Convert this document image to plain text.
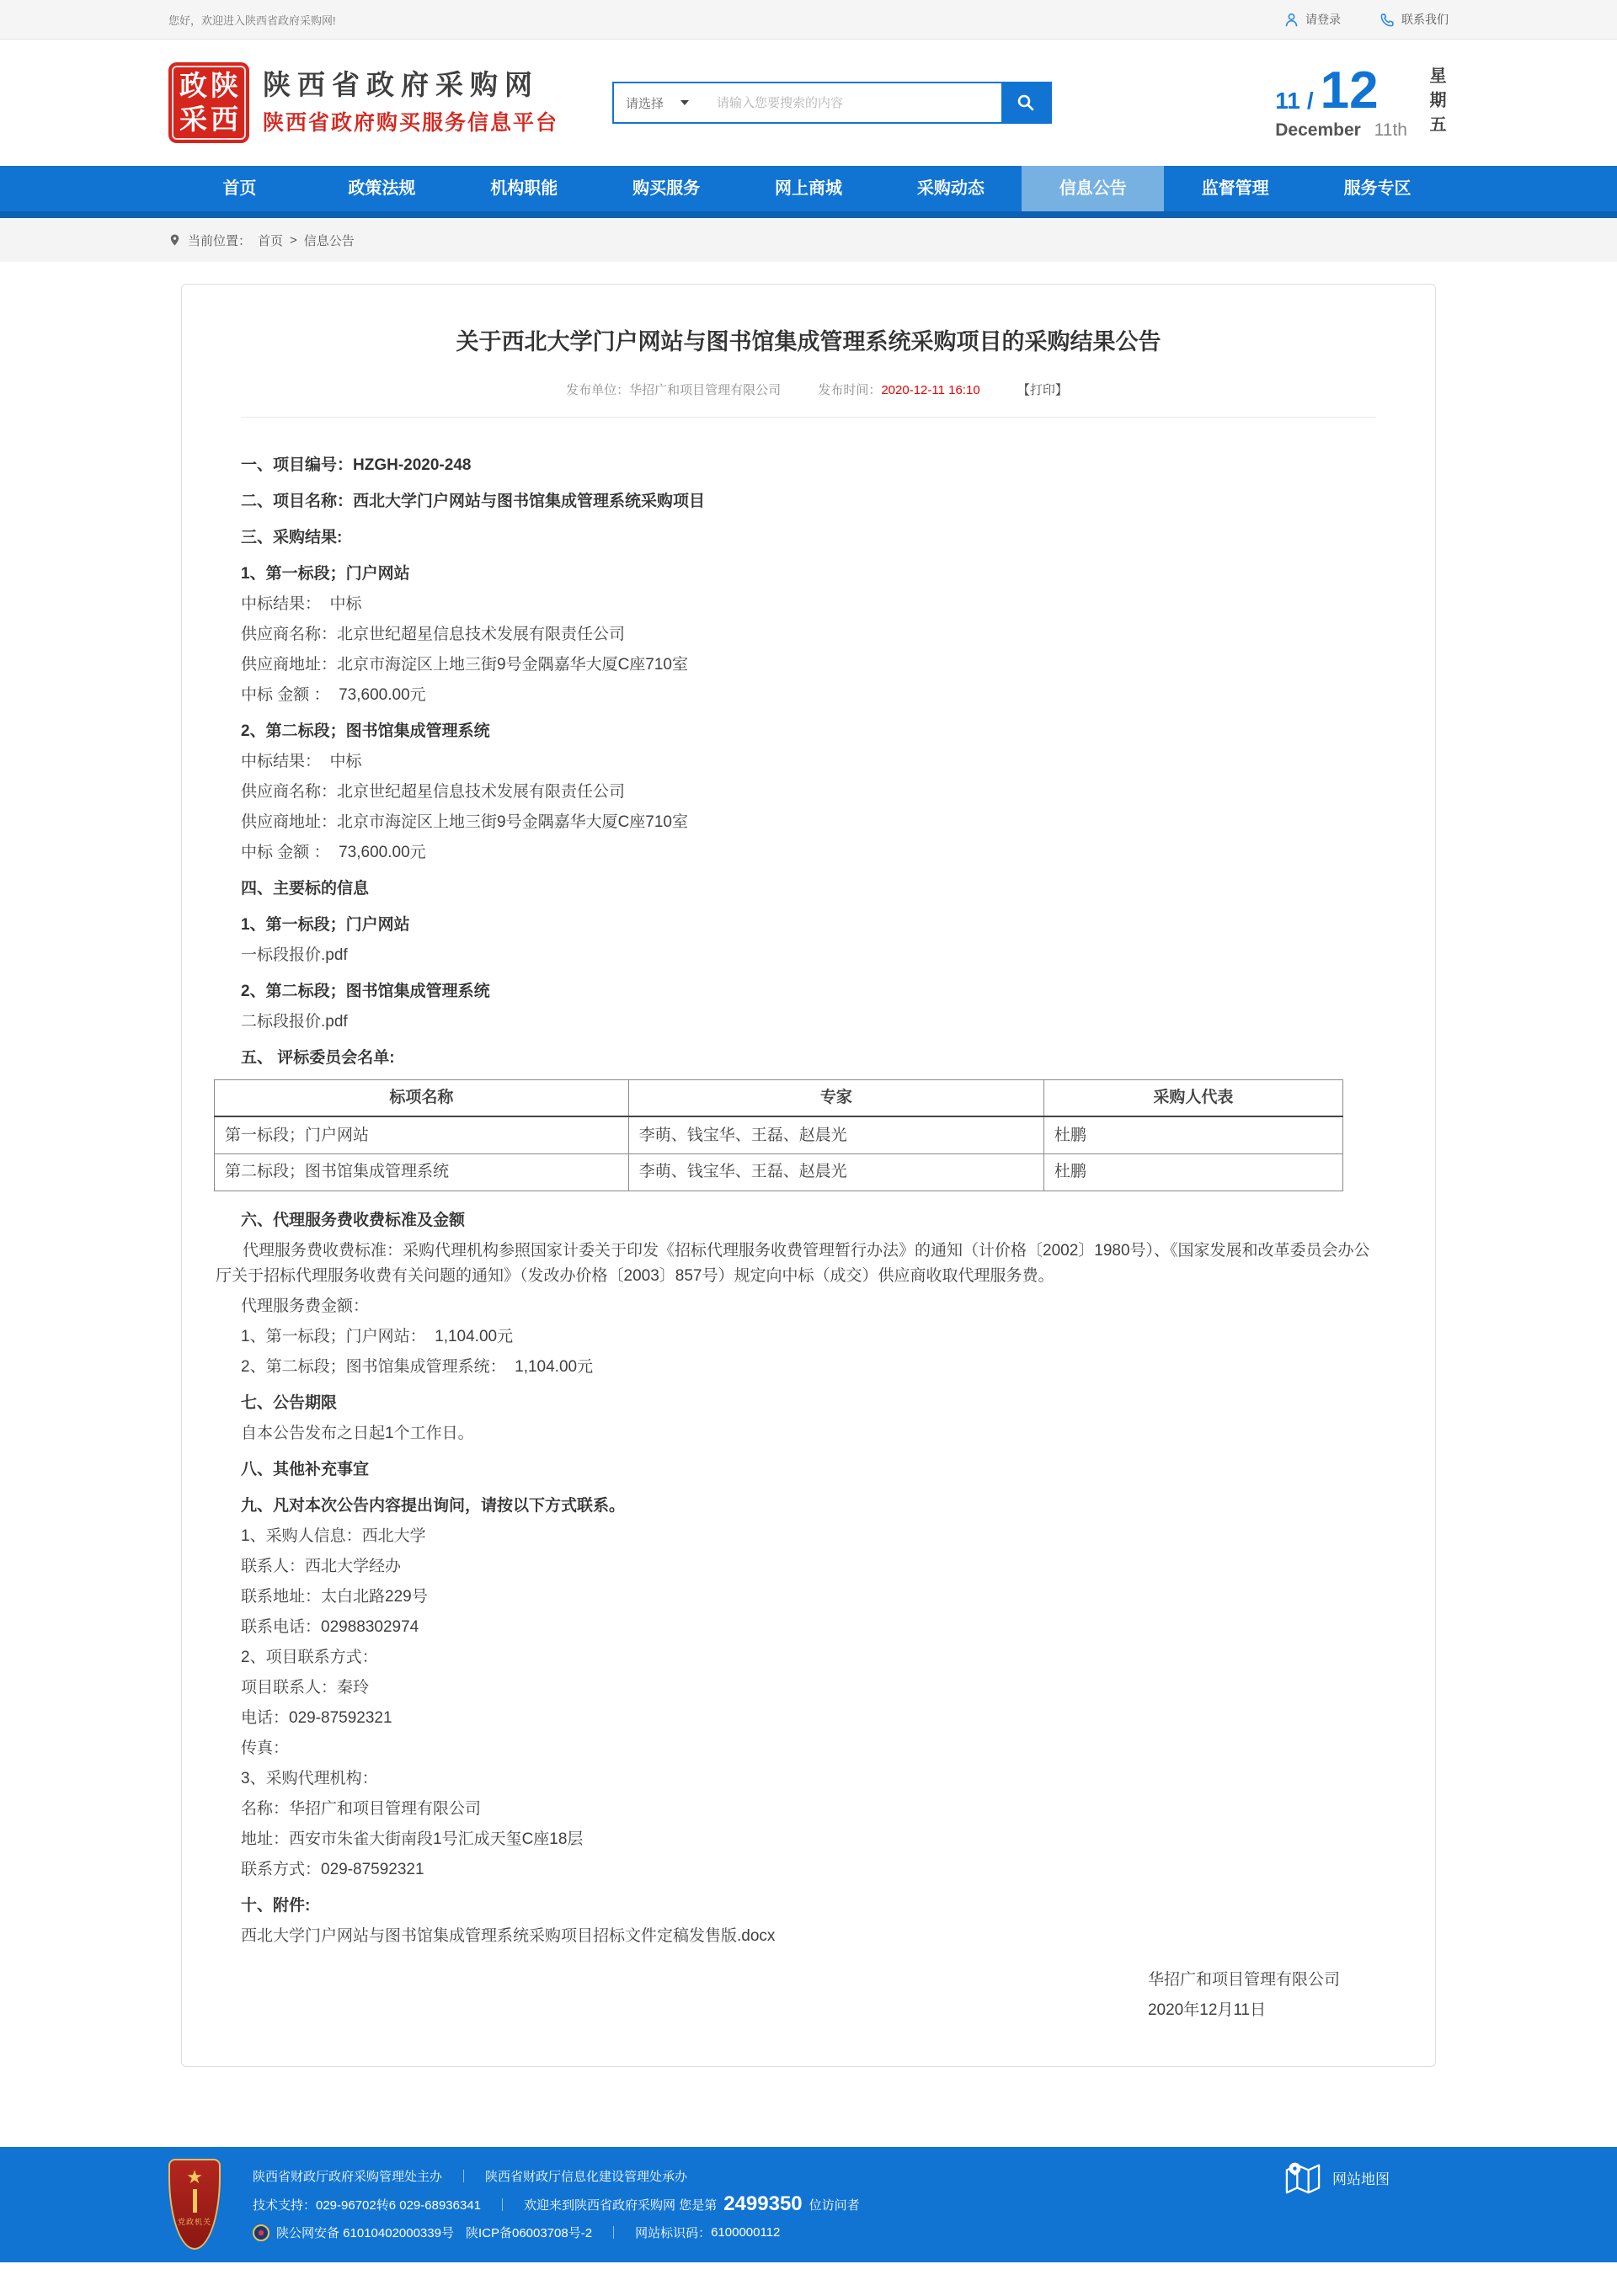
您好，欢迎进入陕西省政府采购网!	请登录	联系我们
政陕
采西
陕西省政府采购网
陕西省政府购买服务信息平台
请选择
请输入您要搜索的内容	11 / 12
December 11th 星期五
首页	政策法规	机构职能	购买服务	网上商城	采购动态	信息公告	监督管理	服务专区
当前位置： 首页 > 信息公告
关于西北大学门户网站与图书馆集成管理系统采购项目的采购结果公告
发布单位：华招广和项目管理有限公司	发布时间：2020-12-11 16:10	【打印】

一、项目编号：HZGH-2020-248

二、项目名称：西北大学门户网站与图书馆集成管理系统采购项目

三、采购结果:

1、第一标段；门户网站

中标结果：  中标

供应商名称：北京世纪超星信息技术发展有限责任公司

供应商地址：北京市海淀区上地三街9号金隅嘉华大厦C座710室

中标 金额 ：  73,600.00元

2、第二标段；图书馆集成管理系统

中标结果：  中标

供应商名称：北京世纪超星信息技术发展有限责任公司

供应商地址：北京市海淀区上地三街9号金隅嘉华大厦C座710室

中标 金额 ：  73,600.00元

四、主要标的信息

1、第一标段；门户网站

一标段报价.pdf

2、第二标段；图书馆集成管理系统

二标段报价.pdf

五、 评标委员会名单:

标项名称	专家	采购人代表
第一标段；门户网站	李萌、钱宝华、王磊、赵晨光	杜鹏
第二标段；图书馆集成管理系统	李萌、钱宝华、王磊、赵晨光	杜鹏

六、代理服务费收费标准及金额

代理服务费收费标准：采购代理机构参照国家计委关于印发《招标代理服务收费管理暂行办法》的通知（计价格〔2002〕1980号）、《国家发展和改革委员会办公厅关于招标代理服务收费有关问题的通知》（发改办价格〔2003〕857号）规定向中标（成交）供应商收取代理服务费。

代理服务费金额：

1、第一标段；门户网站：  1,104.00元

2、第二标段；图书馆集成管理系统：  1,104.00元

七、公告期限

自本公告发布之日起1个工作日。

八、其他补充事宜

九、凡对本次公告内容提出询问，请按以下方式联系。

1、采购人信息：西北大学

联系人：西北大学经办

联系地址：太白北路229号

联系电话：02988302974

2、项目联系方式：

项目联系人：秦玲

电话：029-87592321

传真：

3、采购代理机构：

名称：华招广和项目管理有限公司

地址：西安市朱雀大街南段1号汇成天玺C座18层

联系方式：029-87592321

十、附件:

西北大学门户网站与图书馆集成管理系统采购项目招标文件定稿发售版.docx

华招广和项目管理有限公司
2020年12月11日
★
党政机关
陕西省财政厅政府采购管理处主办 ｜ 陕西省财政厅信息化建设管理处承办
技术支持：029-96702转6 029-68936341 ｜ 欢迎来到陕西省政府采购网 您是第 2499350 位访问者
陕公网安备 61010402000339号 陕ICP备06003708号-2 ｜ 网站标识码： 6100000112
网站地图
